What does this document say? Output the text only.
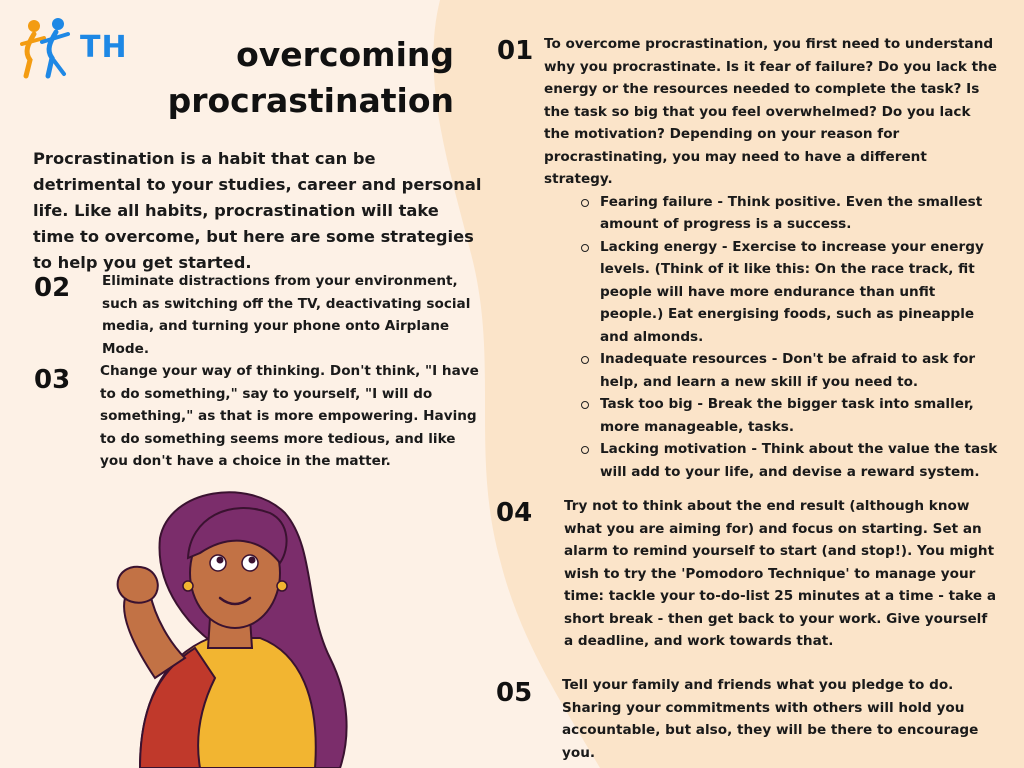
TH	overcoming
procrastination
Procrastination is a habit that can be detrimental to your studies, career and personal life. Like all habits, procrastination will take time to overcome, but here are some strategies to help you get started.
02 Eliminate distractions from your environment, such as switching off the TV, deactivating social media, and turning your phone onto Airplane Mode.
03 Change your way of thinking. Don't think, "I have to do something," say to yourself, "I will do something," as that is more empowering. Having to do something seems more tedious, and like you don't have a choice in the matter.
01 To overcome procrastination, you first need to understand why you procrastinate. Is it fear of failure? Do you lack the energy or the resources needed to complete the task? Is the task so big that you feel overwhelmed? Do you lack the motivation? Depending on your reason for procrastinating, you may need to have a different strategy.

Fearing failure - Think positive. Even the smallest amount of progress is a success.
Lacking energy - Exercise to increase your energy levels. (Think of it like this: On the race track, fit people will have more endurance than unfit people.) Eat energising foods, such as pineapple and almonds.
Inadequate resources - Don't be afraid to ask for help, and learn a new skill if you need to.
Task too big - Break the bigger task into smaller, more manageable, tasks.
Lacking motivation - Think about the value the task will add to your life, and devise a reward system.
04 Try not to think about the end result (although know what you are aiming for) and focus on starting. Set an alarm to remind yourself to start (and stop!). You might wish to try the 'Pomodoro Technique' to manage your time: tackle your to-do-list 25 minutes at a time - take a short break - then get back to your work. Give yourself a deadline, and work towards that.
05 Tell your family and friends what you pledge to do. Sharing your commitments with others will hold you accountable, but also, they will be there to encourage you.
